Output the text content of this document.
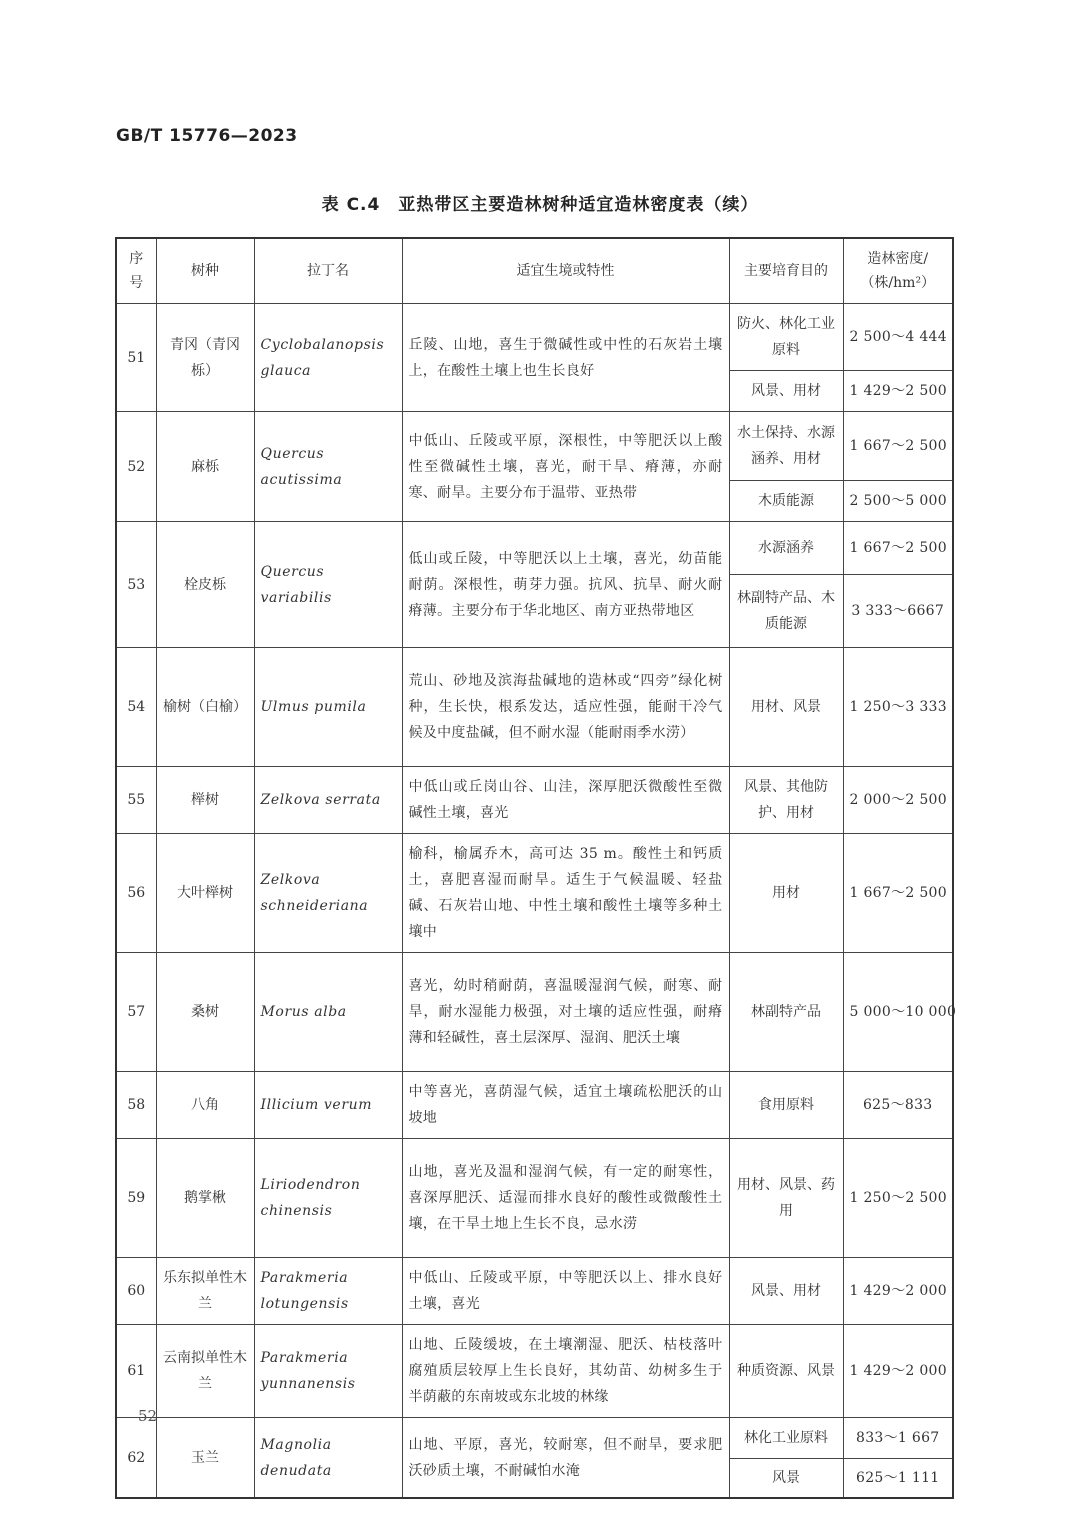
GB/T 15776—2023
表 C.4　亚热带区主要造林树种适宜造林密度表（续）
序号	树种	拉丁名	适宜生境或特性	主要培育目的	造林密度/（株/hm²）
51	青冈（青冈栎）	Cyclobalanopsis glauca	丘陵、山地，喜生于微碱性或中性的石灰岩土壤上，在酸性土壤上也生长良好	防火、林化工业原料	2 500～4 444
				风景、用材	1 429～2 500
52	麻栎	Quercus acutissima	中低山、丘陵或平原，深根性，中等肥沃以上酸性至微碱性土壤，喜光，耐干旱、瘠薄，亦耐寒、耐旱。主要分布于温带、亚热带	水土保持、水源涵养、用材	1 667～2 500
				木质能源	2 500～5 000
53	栓皮栎	Quercus variabilis	低山或丘陵，中等肥沃以上土壤，喜光，幼苗能耐荫。深根性，萌芽力强。抗风、抗旱、耐火耐瘠薄。主要分布于华北地区、南方亚热带地区	水源涵养	1 667～2 500
				林副特产品、木质能源	3 333～6667
54	榆树（白榆）	Ulmus pumila	荒山、砂地及滨海盐碱地的造林或“四旁”绿化树种，生长快，根系发达，适应性强，能耐干冷气候及中度盐碱，但不耐水湿（能耐雨季水涝）	用材、风景	1 250～3 333
55	榉树	Zelkova serrata	中低山或丘岗山谷、山洼，深厚肥沃微酸性至微碱性土壤，喜光	风景、其他防护、用材	2 000～2 500
56	大叶榉树	Zelkova schneideriana	榆科，榆属乔木，高可达 35 m。酸性土和钙质土，喜肥喜湿而耐旱。适生于气候温暖、轻盐碱、石灰岩山地、中性土壤和酸性土壤等多种土壤中	用材	1 667～2 500
57	桑树	Morus alba	喜光，幼时稍耐荫，喜温暖湿润气候，耐寒、耐旱，耐水湿能力极强，对土壤的适应性强，耐瘠薄和轻碱性，喜土层深厚、湿润、肥沃土壤	林副特产品	5 000～10 000
58	八角	Illicium verum	中等喜光，喜荫湿气候，适宜土壤疏松肥沃的山坡地	食用原料	625～833
59	鹅掌楸	Liriodendron chinensis	山地，喜光及温和湿润气候，有一定的耐寒性，喜深厚肥沃、适湿而排水良好的酸性或微酸性土壤，在干旱土地上生长不良，忌水涝	用材、风景、药用	1 250～2 500
60	乐东拟单性木兰	Parakmeria lotungensis	中低山、丘陵或平原，中等肥沃以上、排水良好土壤，喜光	风景、用材	1 429～2 000
61	云南拟单性木兰	Parakmeria yunnanensis	山地、丘陵缓坡，在土壤潮湿、肥沃、枯枝落叶腐殖质层较厚上生长良好，其幼苗、幼树多生于半荫蔽的东南坡或东北坡的林缘	种质资源、风景	1 429～2 000
62	玉兰	Magnolia denudata	山地、平原，喜光，较耐寒，但不耐旱，要求肥沃砂质土壤，不耐碱怕水淹	林化工业原料	833～1 667
				风景	625～1 111
52
